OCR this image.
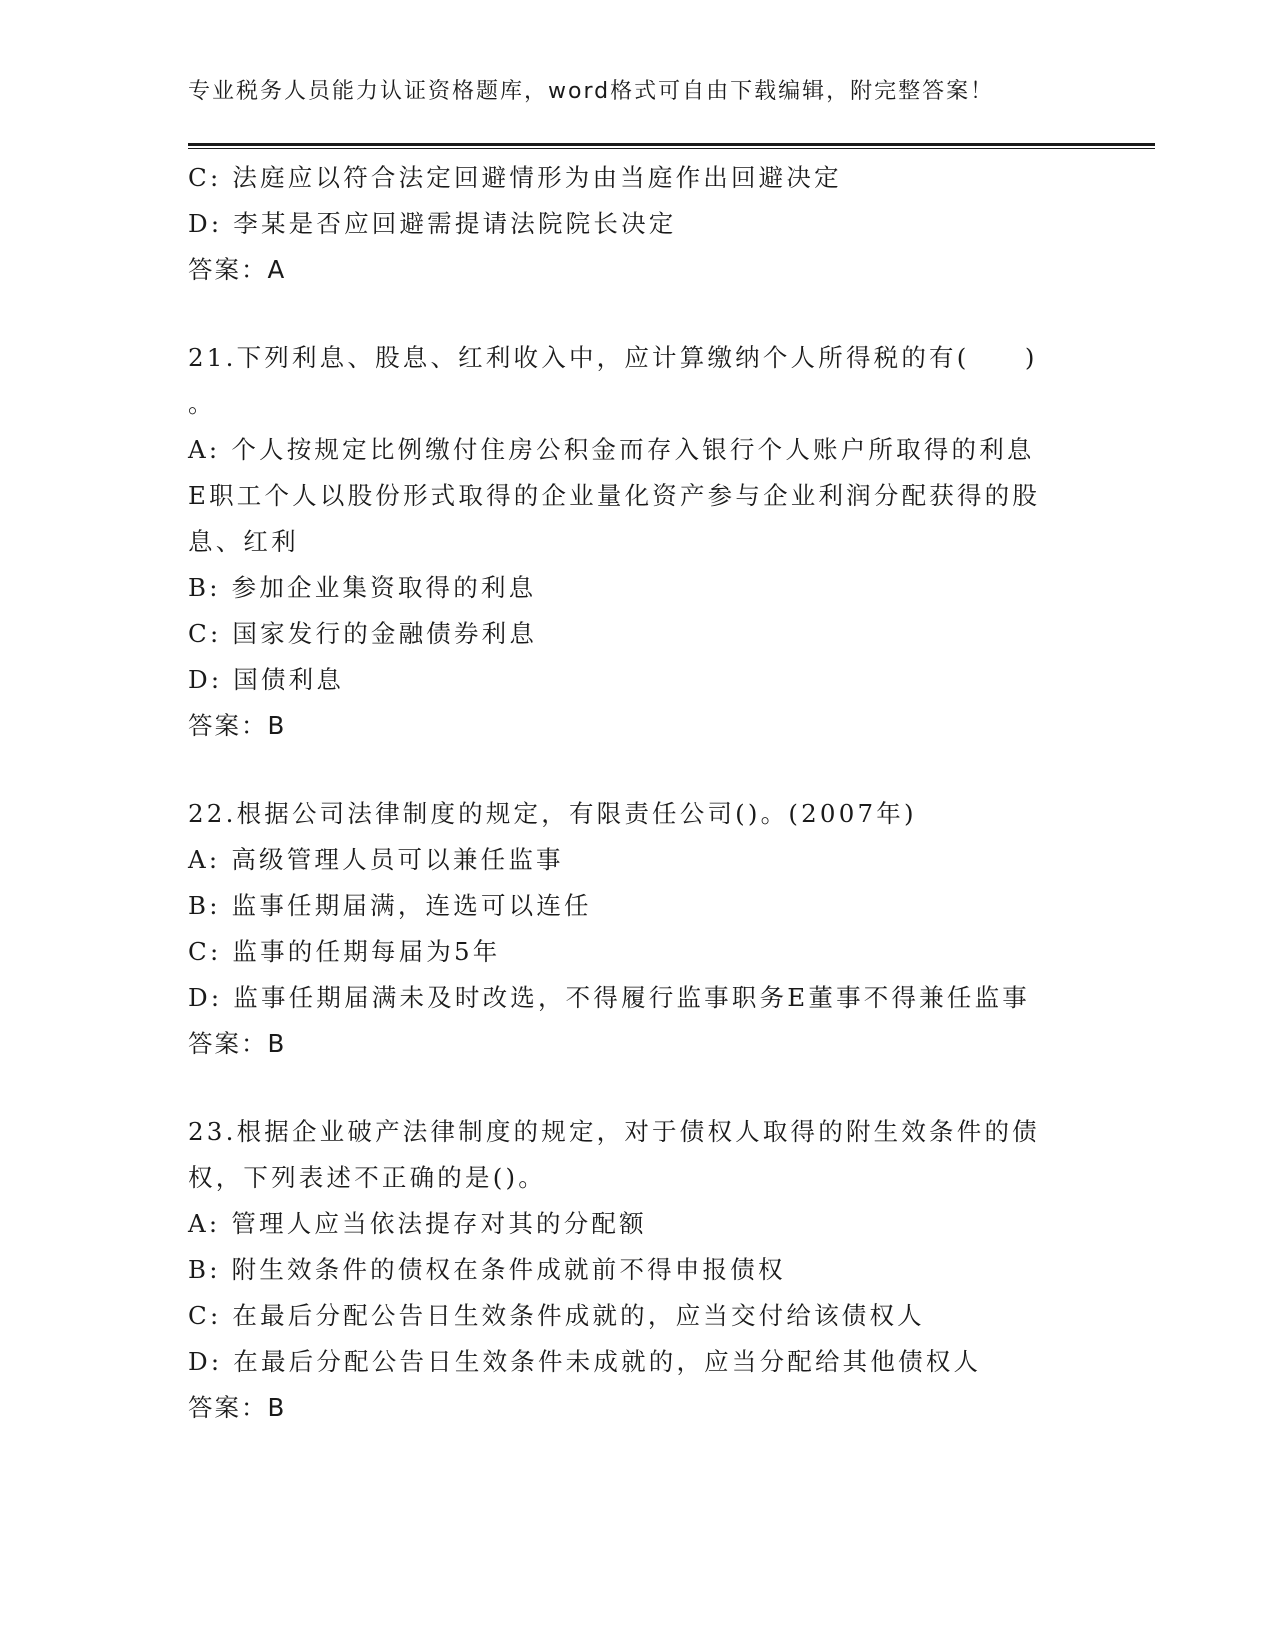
专业税务人员能力认证资格题库，word格式可自由下载编辑，附完整答案！
C: 法庭应以符合法定回避情形为由当庭作出回避决定
D: 李某是否应回避需提请法院院长决定
答案：A
21.下列利息、股息、红利收入中，应计算缴纳个人所得税的有(　　)
。
A: 个人按规定比例缴付住房公积金而存入银行个人账户所取得的利息
E职工个人以股份形式取得的企业量化资产参与企业利润分配获得的股
息、红利
B: 参加企业集资取得的利息
C: 国家发行的金融债券利息
D: 国债利息
答案：B
22.根据公司法律制度的规定，有限责任公司()。(2007年)
A: 高级管理人员可以兼任监事
B: 监事任期届满，连选可以连任
C: 监事的任期每届为5年
D: 监事任期届满未及时改选，不得履行监事职务E董事不得兼任监事
答案：B
23.根据企业破产法律制度的规定，对于债权人取得的附生效条件的债
权，下列表述不正确的是()。
A: 管理人应当依法提存对其的分配额
B: 附生效条件的债权在条件成就前不得申报债权
C: 在最后分配公告日生效条件成就的，应当交付给该债权人
D: 在最后分配公告日生效条件未成就的，应当分配给其他债权人
答案：B
